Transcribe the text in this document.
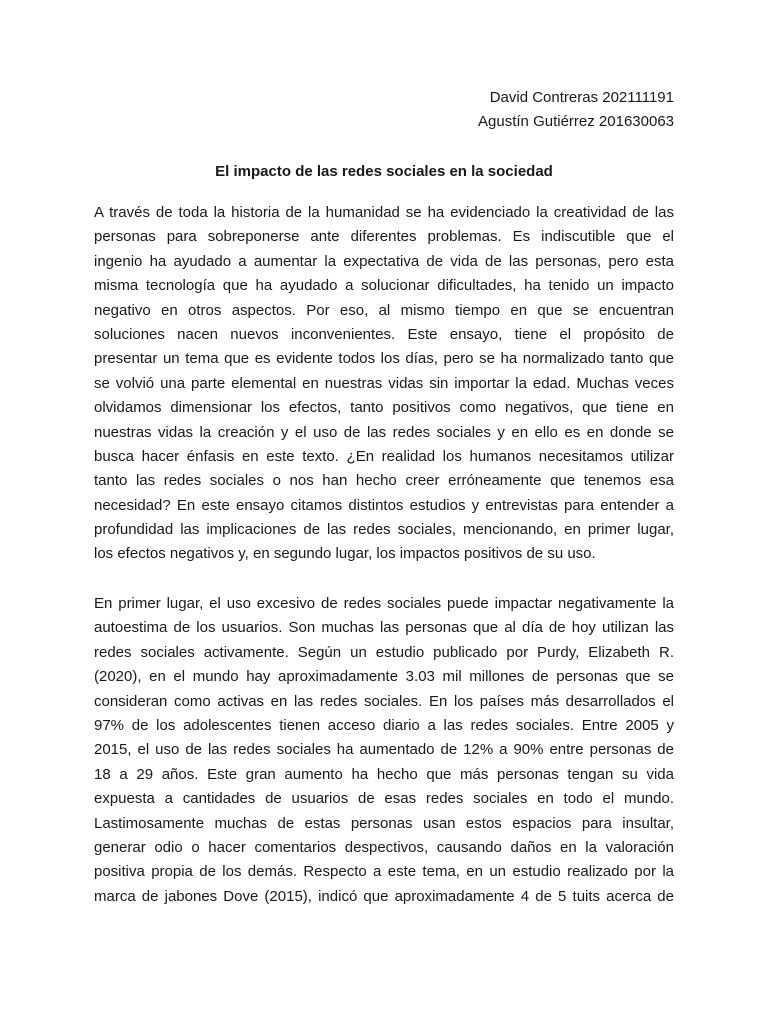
David Contreras 202111191
Agustín Gutiérrez 201630063
El impacto de las redes sociales en la sociedad
A través de toda la historia de la humanidad se ha evidenciado la creatividad de las
personas para sobreponerse ante diferentes problemas. Es indiscutible que el
ingenio ha ayudado a aumentar la expectativa de vida de las personas, pero esta
misma tecnología que ha ayudado a solucionar dificultades, ha tenido un impacto
negativo en otros aspectos. Por eso, al mismo tiempo en que se encuentran
soluciones nacen nuevos inconvenientes. Este ensayo, tiene el propósito de
presentar un tema que es evidente todos los días, pero se ha normalizado tanto que
se volvió una parte elemental en nuestras vidas sin importar la edad. Muchas veces
olvidamos dimensionar los efectos, tanto positivos como negativos, que tiene en
nuestras vidas la creación y el uso de las redes sociales y en ello es en donde se
busca hacer énfasis en este texto. ¿En realidad los humanos necesitamos utilizar
tanto las redes sociales o nos han hecho creer erróneamente que tenemos esa
necesidad? En este ensayo citamos distintos estudios y entrevistas para entender a
profundidad las implicaciones de las redes sociales, mencionando, en primer lugar,
los efectos negativos y, en segundo lugar, los impactos positivos de su uso.
En primer lugar, el uso excesivo de redes sociales puede impactar negativamente la
autoestima de los usuarios. Son muchas las personas que al día de hoy utilizan las
redes sociales activamente. Según un estudio publicado por Purdy, Elizabeth R.
(2020), en el mundo hay aproximadamente 3.03 mil millones de personas que se
consideran como activas en las redes sociales. En los países más desarrollados el
97% de los adolescentes tienen acceso diario a las redes sociales. Entre 2005 y
2015, el uso de las redes sociales ha aumentado de 12% a 90% entre personas de
18 a 29 años. Este gran aumento ha hecho que más personas tengan su vida
expuesta a cantidades de usuarios de esas redes sociales en todo el mundo.
Lastimosamente muchas de estas personas usan estos espacios para insultar,
generar odio o hacer comentarios despectivos, causando daños en la valoración
positiva propia de los demás. Respecto a este tema, en un estudio realizado por la
marca de jabones Dove (2015), indicó que aproximadamente 4 de 5 tuits acerca de
